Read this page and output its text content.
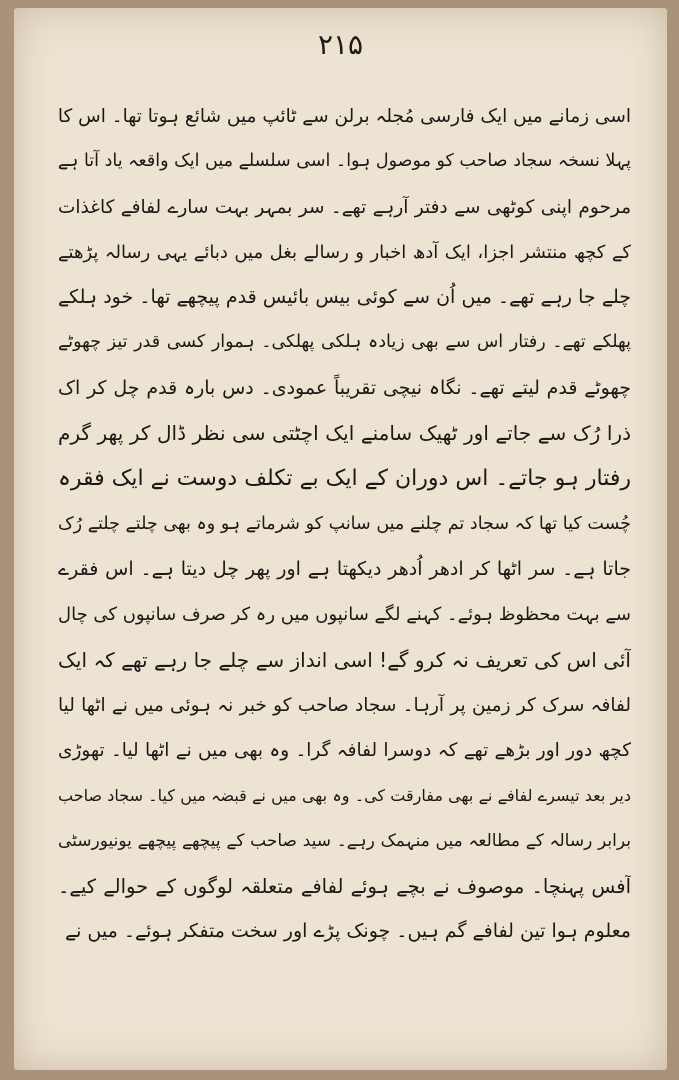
۲۱۵
اسی زمانے میں ایک فارسی مُجلہ برلن سے ٹائپ میں شائع ہوتا تھا۔ اس کا
پہلا نسخہ سجاد صاحب کو موصول ہوا۔ اسی سلسلے میں ایک واقعہ یاد آتا ہے
مرحوم اپنی کوٹھی سے دفتر آرہے تھے۔ سر بمہر بہت سارے لفافے کاغذات
کے کچھ منتشر اجزا، ایک آدھ اخبار و رسالے بغل میں دبائے یہی رسالہ پڑھتے
چلے جا رہے تھے۔ میں اُن سے کوئی بیس بائیس قدم پیچھے تھا۔ خود ہلکے
پھلکے تھے۔ رفتار اس سے بھی زیادہ ہلکی پھلکی۔ ہموار کسی قدر تیز چھوٹے
چھوٹے قدم لیتے تھے۔ نگاہ نیچی تقریباً عمودی۔ دس بارہ قدم چل کر اک
ذرا رُک سے جاتے اور ٹھیک سامنے ایک اچٹتی سی نظر ڈال کر پھر گرم
رفتار ہو جاتے۔ اس دوران کے ایک بے تکلف دوست نے ایک فقرہ
چُست کیا تھا کہ سجاد تم چلنے میں سانپ کو شرماتے ہو وہ بھی چلتے چلتے رُک
جاتا ہے۔ سر اٹھا کر ادھر اُدھر دیکھتا ہے اور پھر چل دیتا ہے۔ اس فقرے
سے بہت محظوظ ہوئے۔ کہنے لگے سانپوں میں رہ کر صرف سانپوں کی چال
آئی اس کی تعریف نہ کرو گے! اسی انداز سے چلے جا رہے تھے کہ ایک
لفافہ سرک کر زمین پر آرہا۔ سجاد صاحب کو خبر نہ ہوئی میں نے اٹھا لیا
کچھ دور اور بڑھے تھے کہ دوسرا لفافہ گرا۔ وہ بھی میں نے اٹھا لیا۔ تھوڑی
دیر بعد تیسرے لفافے نے بھی مفارقت کی۔ وہ بھی میں نے قبضہ میں کیا۔ سجاد صاحب
برابر رسالہ کے مطالعہ میں منہمک رہے۔ سید صاحب کے پیچھے پیچھے یونیورسٹی
آفس پہنچا۔ موصوف نے بچے ہوئے لفافے متعلقہ لوگوں کے حوالے کیے۔
معلوم ہوا تین لفافے گم ہیں۔ چونک پڑے اور سخت متفکر ہوئے۔ میں نے
